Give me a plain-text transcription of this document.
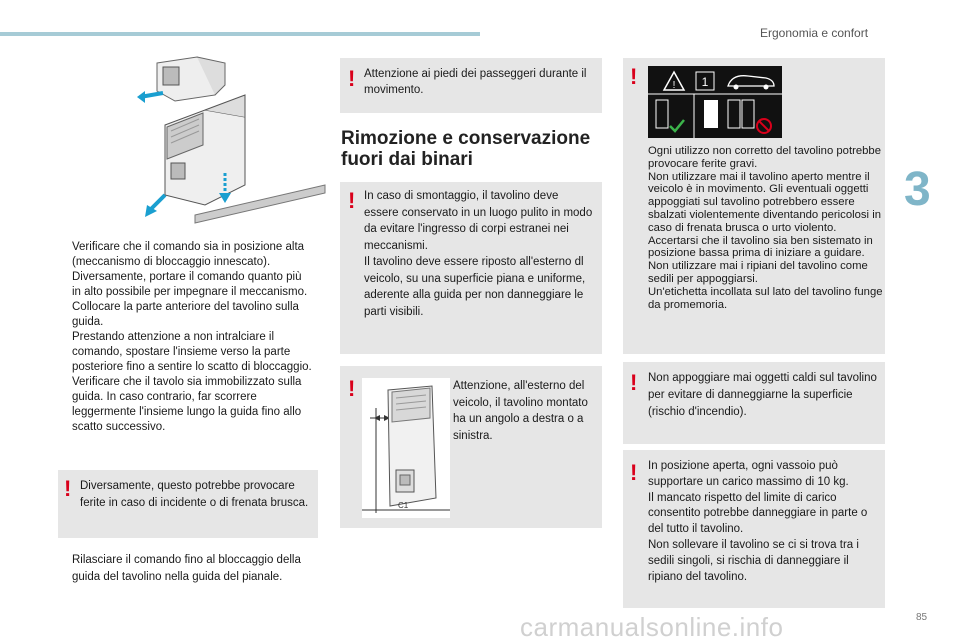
Ergonomia e confort
3
Verificare che il comando sia in posizione alta (meccanismo di bloccaggio innescato). Diversamente, portare il comando quanto più in alto possibile per impegnare il meccanismo.
Collocare la parte anteriore del tavolino sulla guida.
Prestando attenzione a non intralciare il comando, spostare l'insieme verso la parte posteriore fino a sentire lo scatto di bloccaggio.
Verificare che il tavolo sia immobilizzato sulla guida. In caso contrario, far scorrere leggermente l'insieme lungo la guida fino allo scatto successivo.
! Diversamente, questo potrebbe provocare ferite in caso di incidente o di frenata brusca.

Rilasciare il comando fino al bloccaggio della guida del tavolino nella guida del pianale.
! Attenzione ai piedi dei passeggeri durante il movimento.

Rimozione e conservazione
fuori dai binari
! In caso di smontaggio, il tavolino deve essere conservato in un luogo pulito in modo da evitare l'ingresso di corpi estranei nei meccanismi.
Il tavolino deve essere riposto all'esterno dl veicolo, su una superficie piana e uniforme, aderente alla guida per non danneggiare le parti visibili.

!
C1

Attenzione, all'esterno del veicolo, il tavolino montato ha un angolo a destra o a sinistra.

!	! 1

Ogni utilizzo non corretto del tavolino potrebbe provocare ferite gravi.
Non utilizzare mai il tavolino aperto mentre il veicolo è in movimento. Gli eventuali oggetti appoggiati sul tavolino potrebbero essere sbalzati violentemente diventando pericolosi in caso di frenata brusca o urto violento.
Accertarsi che il tavolino sia ben sistemato in posizione bassa prima di iniziare a guidare.
Non utilizzare mai i ripiani del tavolino come sedili per appoggiarsi.
Un'etichetta incollata sul lato del tavolino funge da promemoria.

! Non appoggiare mai oggetti caldi sul tavolino per evitare di danneggiarne la superficie (rischio d'incendio).

! In posizione aperta, ogni vassoio può supportare un carico massimo di 10 kg.
Il mancato rispetto del limite di carico consentito potrebbe danneggiare in parte o del tutto il tavolino.
Non sollevare il tavolino se ci si trova tra i sedili singoli, si rischia di danneggiare il ripiano del tavolino.

carmanualsonline.info	85
